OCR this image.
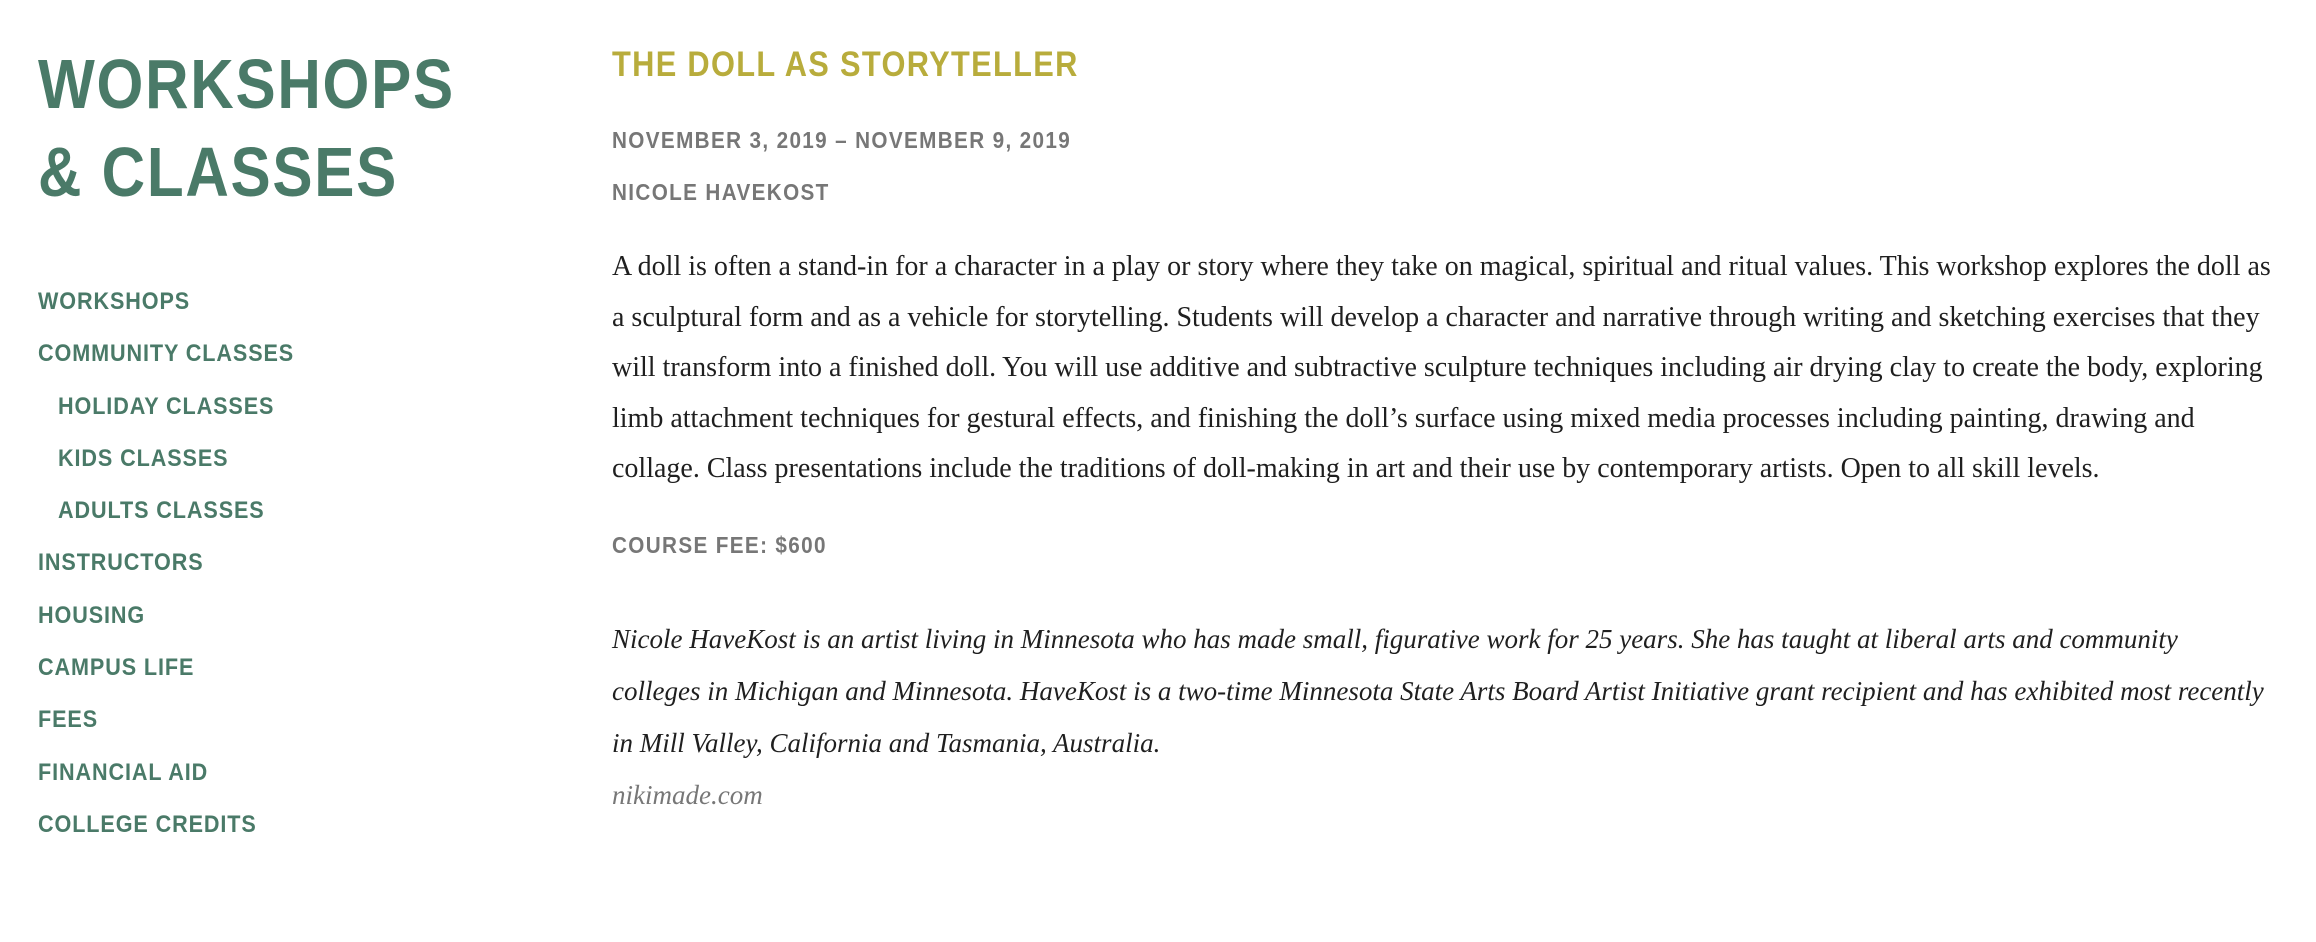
WORKSHOPS
& CLASSES
WORKSHOPS
COMMUNITY CLASSES
HOLIDAY CLASSES
KIDS CLASSES
ADULTS CLASSES
INSTRUCTORS
HOUSING
CAMPUS LIFE
FEES
FINANCIAL AID
COLLEGE CREDITS
THE DOLL AS STORYTELLER
NOVEMBER 3, 2019 – NOVEMBER 9, 2019
NICOLE HAVEKOST

A doll is often a stand-in for a character in a play or story where they take on magical, spiritual and ritual values. This workshop explores the doll as a sculptural form and as a vehicle for storytelling. Students will develop a character and narrative through writing and sketching exercises that they will transform into a finished doll. You will use additive and subtractive sculpture techniques including air drying clay to create the body, exploring limb attachment techniques for gestural effects, and finishing the doll’s surface using mixed media processes including painting, drawing and collage. Class presentations include the traditions of doll-making in art and their use by contemporary artists. Open to all skill levels.

COURSE FEE: $600

Nicole HaveKost is an artist living in Minnesota who has made small, figurative work for 25 years. She has taught at liberal arts and community colleges in Michigan and Minnesota. HaveKost is a two-time Minnesota State Arts Board Artist Initiative grant recipient and has exhibited most recently in Mill Valley, California and Tasmania, Australia.

nikimade.com
